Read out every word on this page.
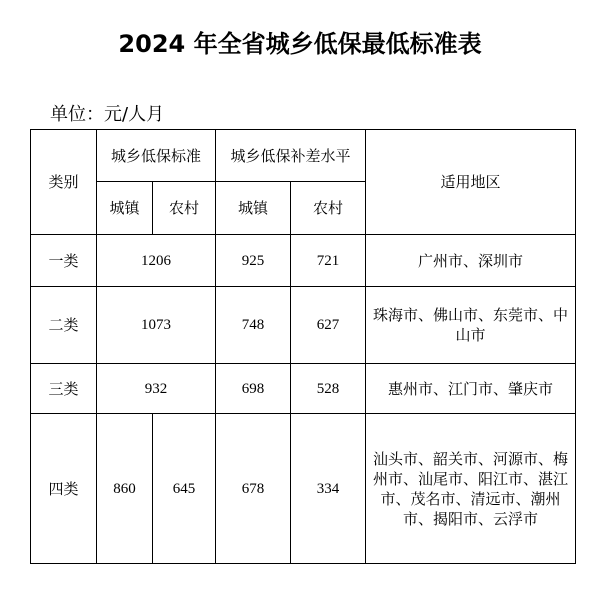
2024 年全省城乡低保最低标准表
单位：元/人月
类别	城乡低保标准		城乡低保补差水平		适用地区
	城镇	农村	城镇	农村	
一类	1206		925	721	广州市、深圳市
二类	1073		748	627	珠海市、佛山市、东莞市、中山市
三类	932		698	528	惠州市、江门市、肇庆市
四类	860	645	678	334	汕头市、韶关市、河源市、梅州市、汕尾市、阳江市、湛江市、茂名市、清远市、潮州市、揭阳市、云浮市
